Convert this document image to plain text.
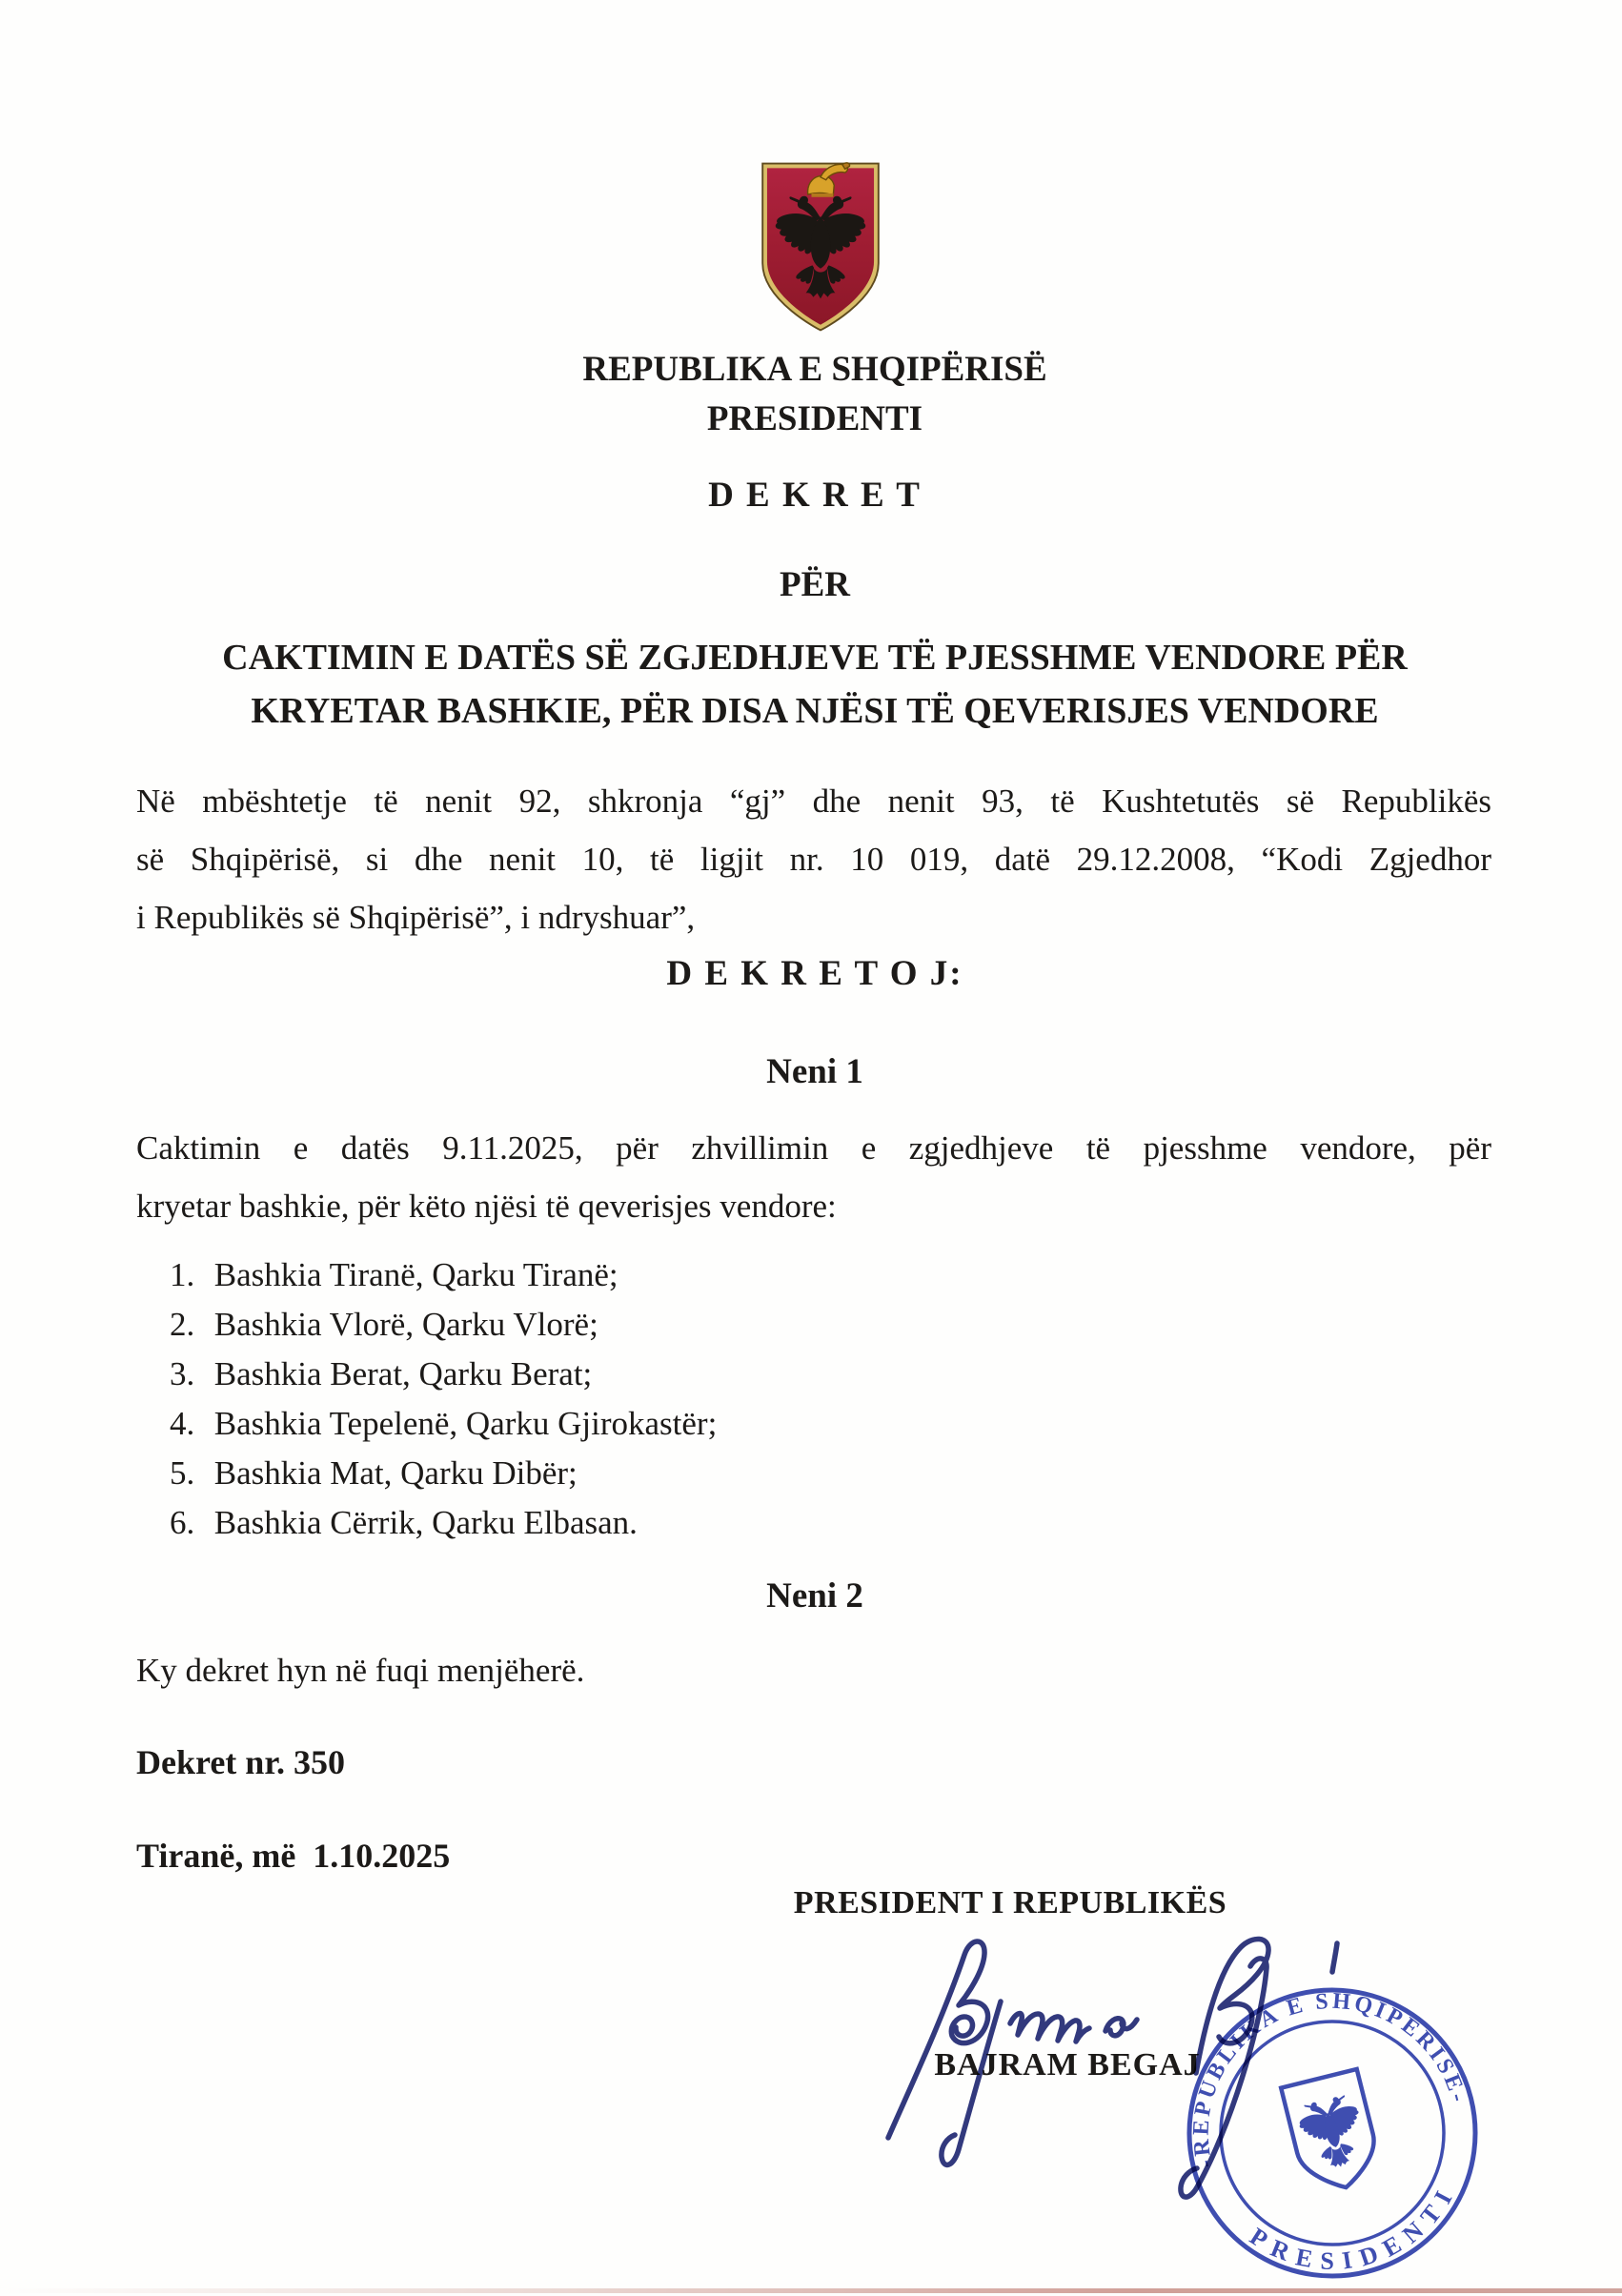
REPUBLIKA E SHQIPËRISË
PRESIDENTI
D E K R E T
PËR
CAKTIMIN E DATËS SË ZGJEDHJEVE TË PJESSHME VENDORE PËR
KRYETAR BASHKIE, PËR DISA NJËSI TË QEVERISJES VENDORE
Në mbështetje të nenit 92, shkronja “gj” dhe nenit 93, të Kushtetutës së Republikës
së Shqipërisë, si dhe nenit 10, të ligjit nr. 10 019, datë 29.12.2008, “Kodi Zgjedhor
i Republikës së Shqipërisë”, i ndryshuar”,
D E K R E T O J:
Neni 1
Caktimin e datës 9.11.2025, për zhvillimin e zgjedhjeve të pjesshme vendore, për
kryetar bashkie, për këto njësi të qeverisjes vendore:
1. Bashkia Tiranë, Qarku Tiranë;
2. Bashkia Vlorë, Qarku Vlorë;
3. Bashkia Berat, Qarku Berat;
4. Bashkia Tepelenë, Qarku Gjirokastër;
5. Bashkia Mat, Qarku Dibër;
6. Bashkia Cërrik, Qarku Elbasan.
Neni 2
Ky dekret hyn në fuqi menjëherë.
Dekret nr. 350
Tiranë, më  1.10.2025
PRESIDENT I REPUBLIKËS
BAJRAM BEGAJ
-REPUBLIKA E SHQIPËRISË-
PRESIDENTI
